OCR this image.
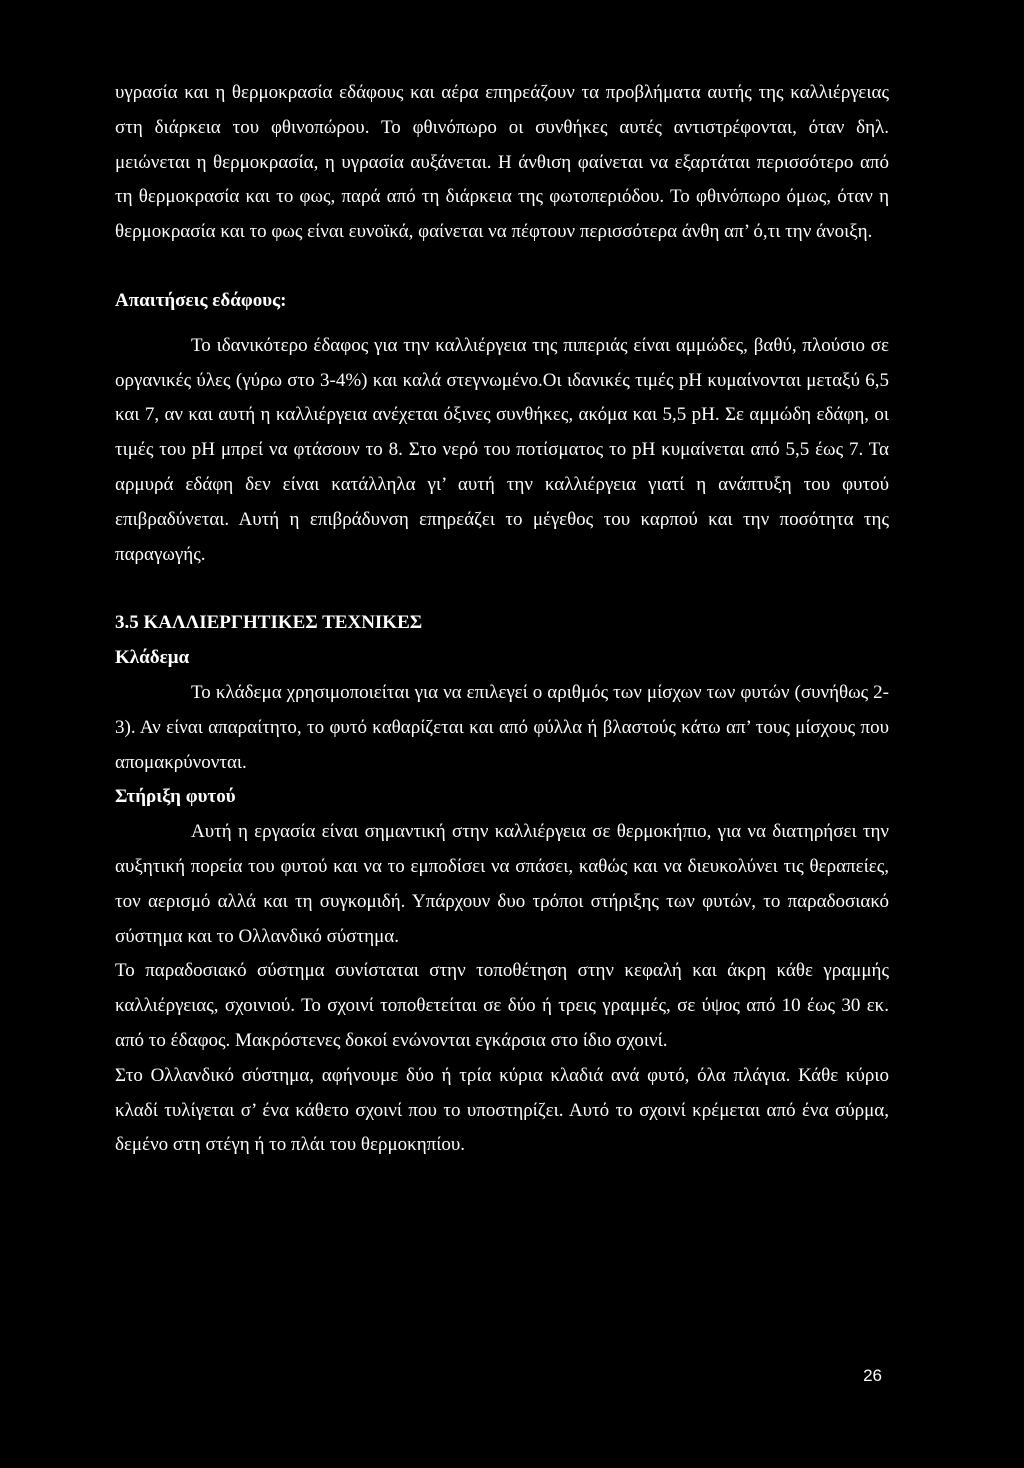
υγρασία και η θερμοκρασία εδάφους και αέρα επηρεάζουν τα προβλήματα αυτής της καλλιέργειας στη διάρκεια του φθινοπώρου. Το φθινόπωρο οι συνθήκες αυτές αντιστρέφονται, όταν δηλ. μειώνεται η θερμοκρασία, η υγρασία αυξάνεται. Η άνθιση φαίνεται να εξαρτάται περισσότερο από τη θερμοκρασία και το φως, παρά από τη διάρκεια της φωτοπεριόδου. Το φθινόπωρο όμως, όταν η θερμοκρασία και το φως είναι ευνοϊκά, φαίνεται να πέφτουν περισσότερα άνθη απ’ ό,τι την άνοιξη.

Απαιτήσεις εδάφους:

Το ιδανικότερο έδαφος για την καλλιέργεια της πιπεριάς είναι αμμώδες, βαθύ, πλούσιο σε οργανικές ύλες (γύρω στο 3-4%) και καλά στεγνωμένο.Οι ιδανικές τιμές pH κυμαίνονται μεταξύ 6,5 και 7, αν και αυτή η καλλιέργεια ανέχεται όξινες συνθήκες, ακόμα και 5,5 pH. Σε αμμώδη εδάφη, οι τιμές του pH μπρεί να φτάσουν το 8. Στο νερό του ποτίσματος το pH κυμαίνεται από 5,5 έως 7. Τα αρμυρά εδάφη δεν είναι κατάλληλα γι’ αυτή την καλλιέργεια γιατί η ανάπτυξη του φυτού επιβραδύνεται. Αυτή η επιβράδυνση επηρεάζει το μέγεθος του καρπού και την ποσότητα της παραγωγής.

3.5 ΚΑΛΛΙΕΡΓΗΤΙΚΕΣ ΤΕΧΝΙΚΕΣ

Κλάδεμα

Το κλάδεμα χρησιμοποιείται για να επιλεγεί ο αριθμός των μίσχων των φυτών (συνήθως 2-3). Αν είναι απαραίτητο, το φυτό καθαρίζεται και από φύλλα ή βλαστούς κάτω απ’ τους μίσχους που απομακρύνονται.

Στήριξη φυτού

Αυτή η εργασία είναι σημαντική στην καλλιέργεια σε θερμοκήπιο, για να διατηρήσει την αυξητική πορεία του φυτού και να το εμποδίσει να σπάσει, καθώς και να διευκολύνει τις θεραπείες, τον αερισμό αλλά και τη συγκομιδή. Υπάρχουν δυο τρόποι στήριξης των φυτών, το παραδοσιακό σύστημα και το Ολλανδικό σύστημα.

Το παραδοσιακό σύστημα συνίσταται στην τοποθέτηση στην κεφαλή και άκρη κάθε γραμμής καλλιέργειας, σχοινιού. Το σχοινί τοποθετείται σε δύο ή τρεις γραμμές, σε ύψος από 10 έως 30 εκ. από το έδαφος. Μακρόστενες δοκοί ενώνονται εγκάρσια στο ίδιο σχοινί.

Στο Ολλανδικό σύστημα, αφήνουμε δύο ή τρία κύρια κλαδιά ανά φυτό, όλα πλάγια. Κάθε κύριο κλαδί τυλίγεται σ’ ένα κάθετο σχοινί που το υποστηρίζει. Αυτό το σχοινί κρέμεται από ένα σύρμα, δεμένο στη στέγη ή το πλάι του θερμοκηπίου.

26
